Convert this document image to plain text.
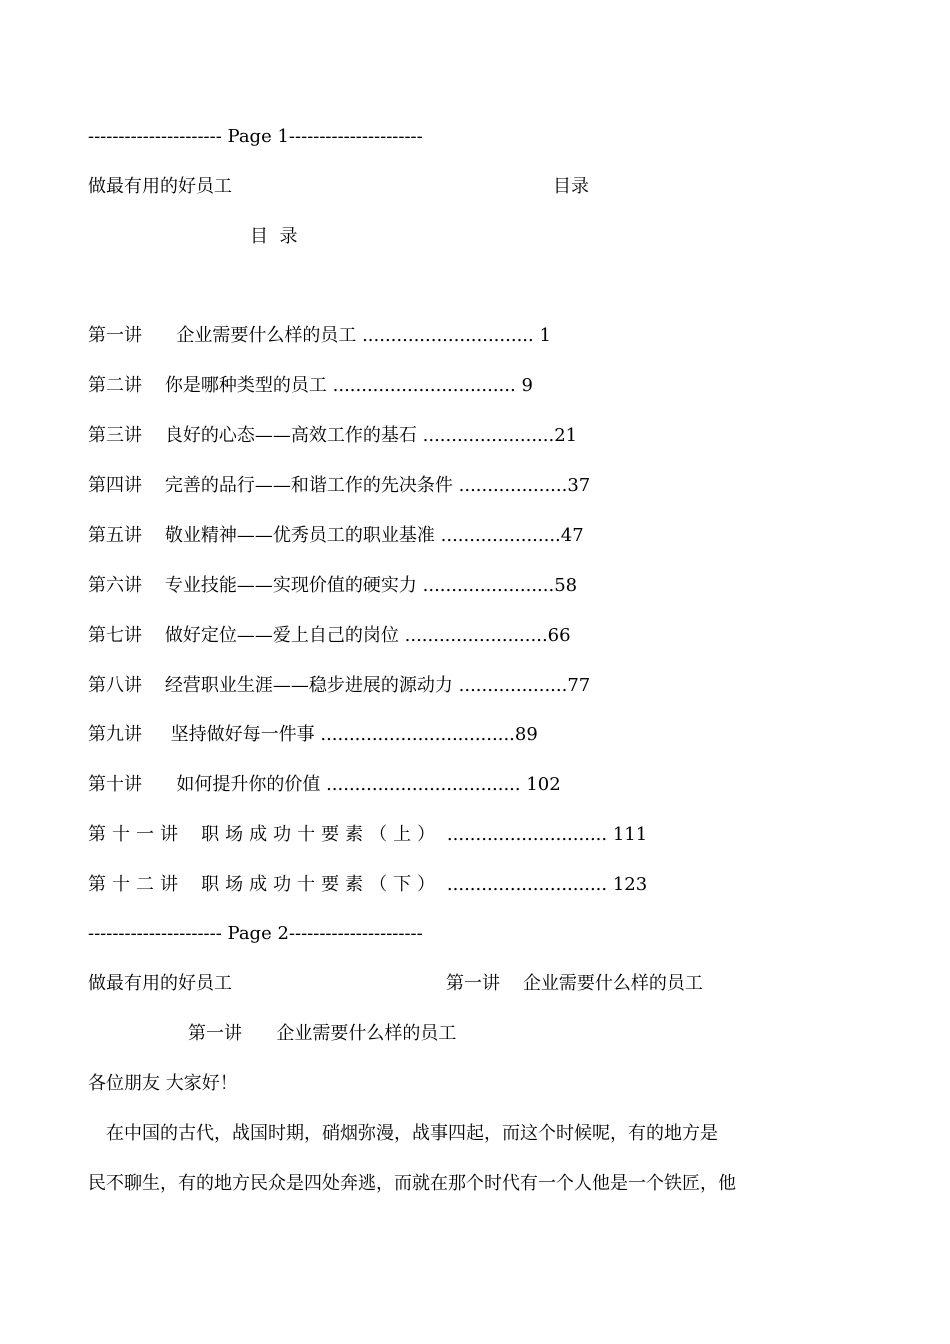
---------------------- Page 1----------------------
做最有用的好员工	目录
目  录
第一讲 企业需要什么样的员工 .............................. 1
第二讲 你是哪种类型的员工 ................................ 9
第三讲 良好的心态——高效工作的基石 .......................21
第四讲 完善的品行——和谐工作的先决条件 ...................37
第五讲 敬业精神——优秀员工的职业基准 .....................47
第六讲 专业技能——实现价值的硬实力 .......................58
第七讲 做好定位——爱上自己的岗位 .........................66
第八讲 经营职业生涯——稳步进展的源动力 ...................77
第九讲 坚持做好每一件事 ..................................89
第十讲 如何提升你的价值 .................................. 102
第十一讲 职场成功十要素（上） ............................ 111
第十二讲 职场成功十要素（下） ............................ 123
---------------------- Page 2----------------------
做最有用的好员工	第一讲    企业需要什么样的员工
第一讲      企业需要什么样的员工
各位朋友 大家好！
在中国的古代，战国时期，硝烟弥漫，战事四起，而这个时候呢，有的地方是
民不聊生，有的地方民众是四处奔逃，而就在那个时代有一个人他是一个铁匠，他
